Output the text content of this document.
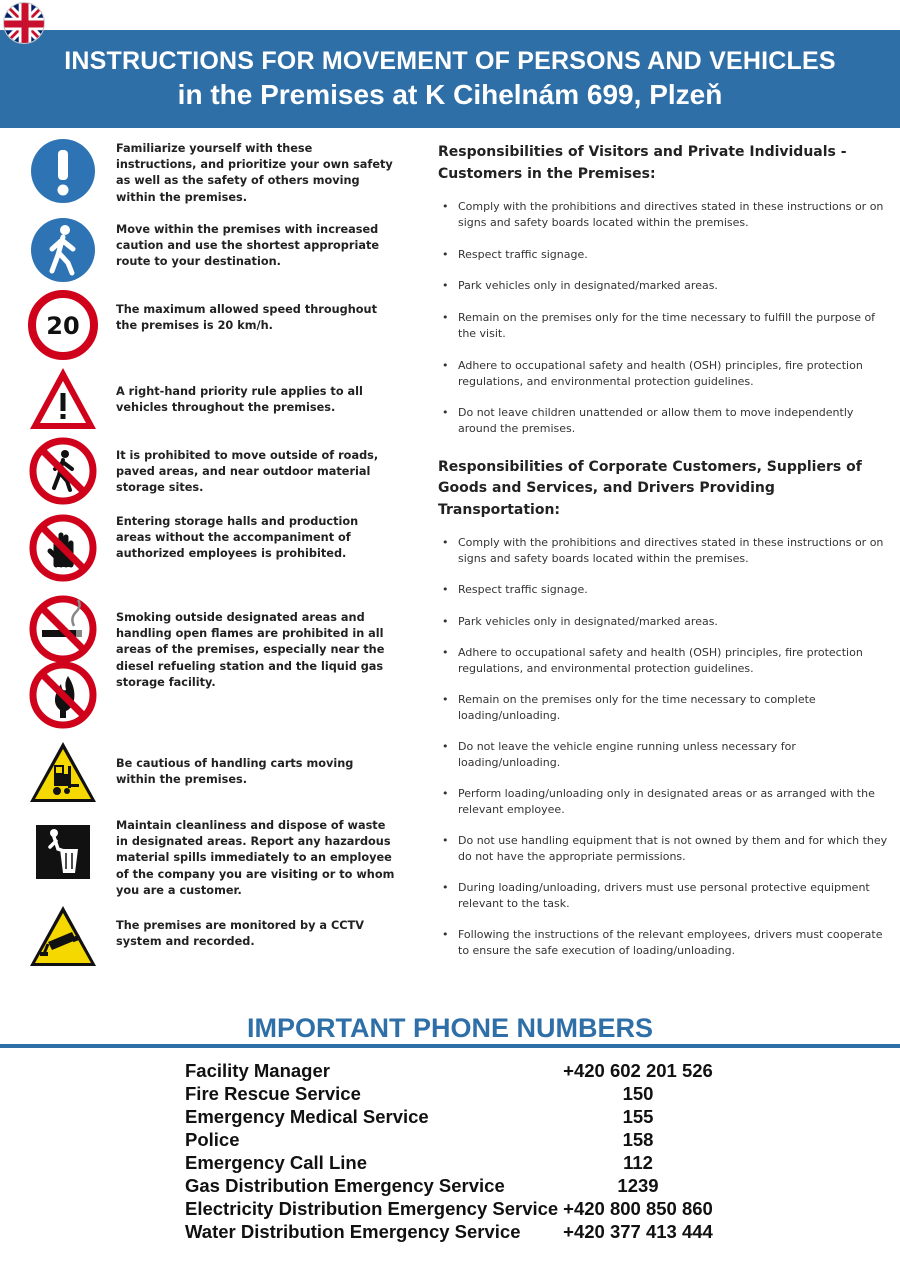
INSTRUCTIONS FOR MOVEMENT OF PERSONS AND VEHICLES
in the Premises at K Cihelnám 699, Plzeň
Familiarize yourself with these instructions, and prioritize your own safety as well as the safety of others moving within the premises.
Move within the premises with increased caution and use the shortest appropriate route to your destination.
20
The maximum allowed speed throughout the premises is 20 km/h.
A right-hand priority rule applies to all vehicles throughout the premises.
It is prohibited to move outside of roads, paved areas, and near outdoor material storage sites.
Entering storage halls and production areas without the accompaniment of authorized employees is prohibited.
Smoking outside designated areas and handling open flames are prohibited in all areas of the premises, especially near the diesel refueling station and the liquid gas storage facility.
Be cautious of handling carts moving within the premises.
Maintain cleanliness and dispose of waste in designated areas. Report any hazardous material spills immediately to an employee of the company you are visiting or to whom you are a customer.
The premises are monitored by a CCTV system and recorded.
Responsibilities of Visitors and Private Individuals - Customers in the Premises:
• Comply with the prohibitions and directives stated in these instructions or on signs and safety boards located within the premises.
• Respect traffic signage.
• Park vehicles only in designated/marked areas.
• Remain on the premises only for the time necessary to fulfill the purpose of the visit.
• Adhere to occupational safety and health (OSH) principles, fire protection regulations, and environmental protection guidelines.
• Do not leave children unattended or allow them to move independently around the premises.
Responsibilities of Corporate Customers, Suppliers of Goods and Services, and Drivers Providing Transportation:
• Comply with the prohibitions and directives stated in these instructions or on signs and safety boards located within the premises.
• Respect traffic signage.
• Park vehicles only in designated/marked areas.
• Adhere to occupational safety and health (OSH) principles, fire protection regulations, and environmental protection guidelines.
• Remain on the premises only for the time necessary to complete loading/unloading.
• Do not leave the vehicle engine running unless necessary for loading/unloading.
• Perform loading/unloading only in designated areas or as arranged with the relevant employee.
• Do not use handling equipment that is not owned by them and for which they do not have the appropriate permissions.
• During loading/unloading, drivers must use personal protective equipment relevant to the task.
• Following the instructions of the relevant employees, drivers must cooperate to ensure the safe execution of loading/unloading.
IMPORTANT PHONE NUMBERS
Facility Manager	+420 602 201 526
Fire Rescue Service	150
Emergency Medical Service	155
Police	158
Emergency Call Line	112
Gas Distribution Emergency Service	1239
Electricity Distribution Emergency Service +420 800 850 860
Water Distribution Emergency Service	+420 377 413 444
